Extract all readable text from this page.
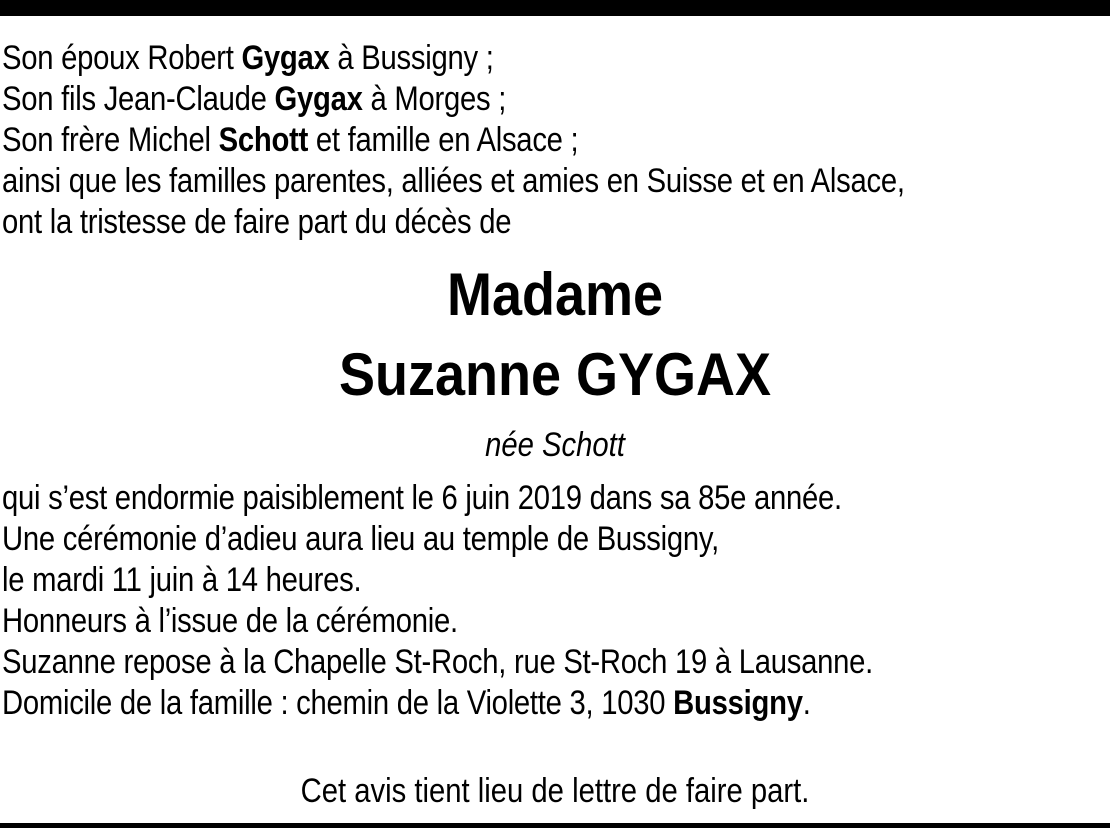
Son époux Robert Gygax à Bussigny ;
Son fils Jean-Claude Gygax à Morges ;
Son frère Michel Schott et famille en Alsace ;
ainsi que les familles parentes, alliées et amies en Suisse et en Alsace,
ont la tristesse de faire part du décès de
Madame
Suzanne GYGAX
née Schott
qui s’est endormie paisiblement le 6 juin 2019 dans sa 85e année.
Une cérémonie d’adieu aura lieu au temple de Bussigny,
le mardi 11 juin à 14 heures.
Honneurs à l’issue de la cérémonie.
Suzanne repose à la Chapelle St-Roch, rue St-Roch 19 à Lausanne.
Domicile de la famille : chemin de la Violette 3, 1030 Bussigny.
Cet avis tient lieu de lettre de faire part.
